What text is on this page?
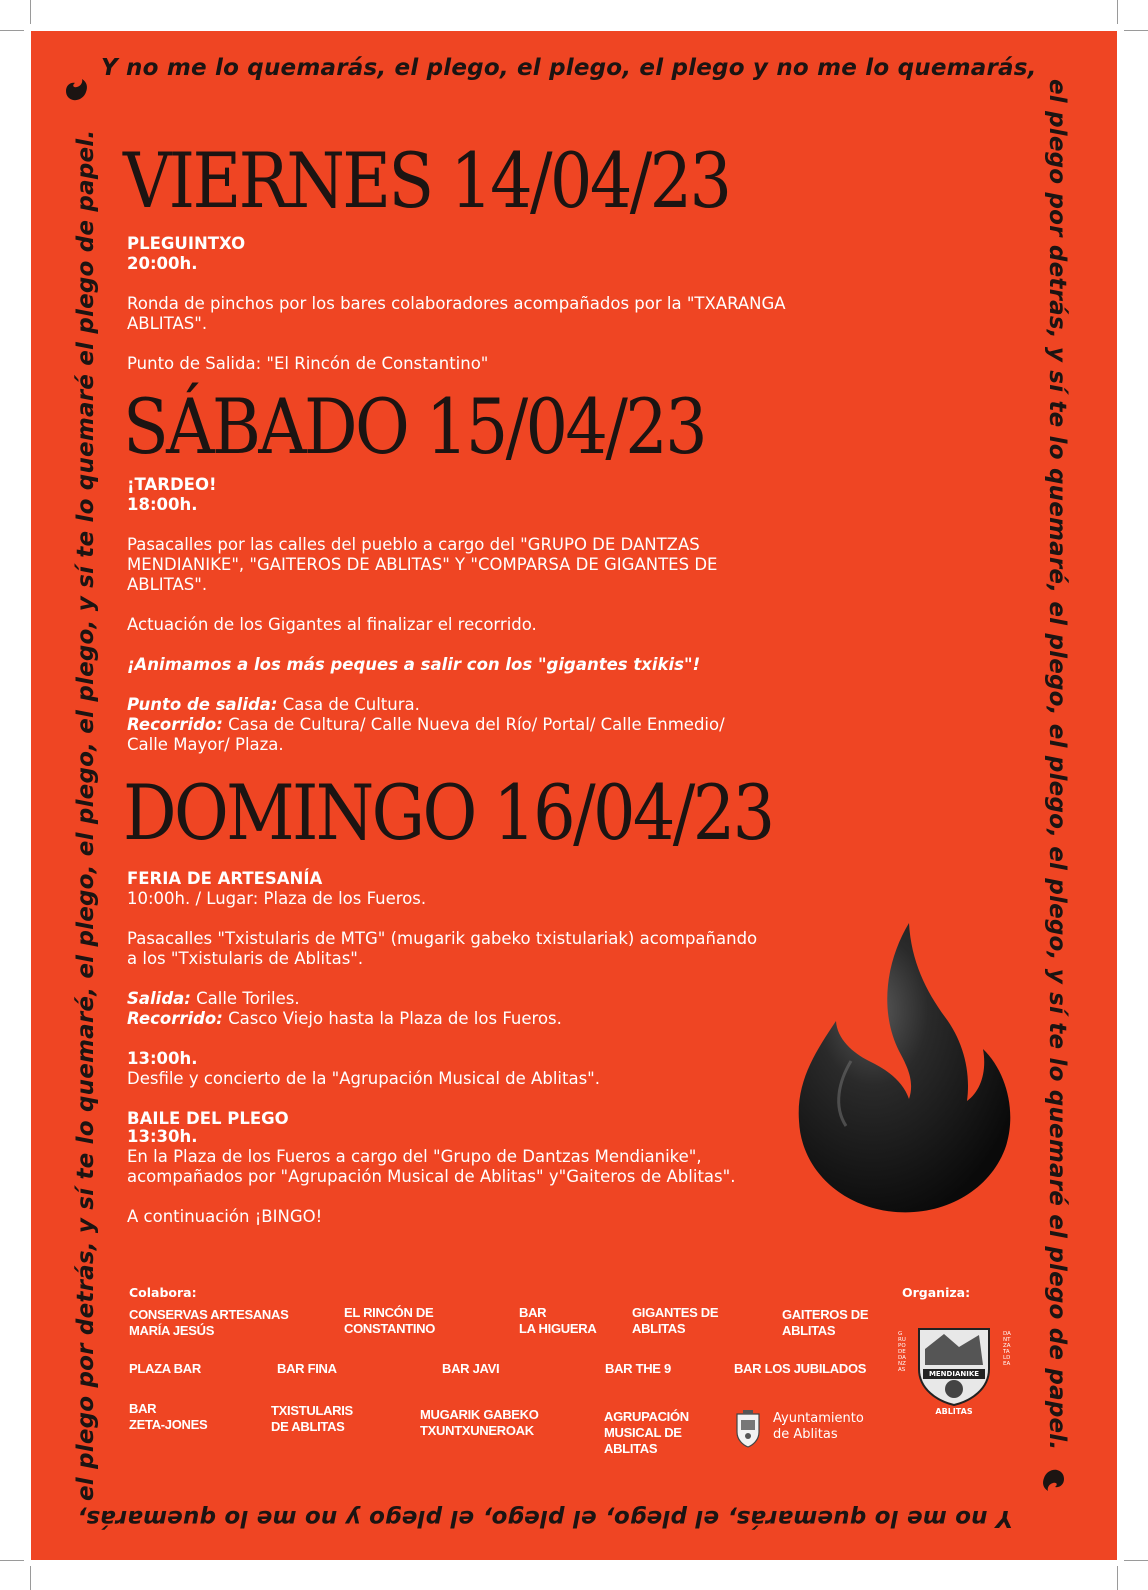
Y no me lo quemarás, el plego, el plego, el plego y no me lo quemarás,
el plego por detrás, y sí te lo quemaré, el plego, el plego, el plego, y sí te lo quemaré el plego de papel.
Y no me lo quemarás, el plego, el plego, el plego y no me lo quemarás,
el plego por detrás, y sí te lo quemaré, el plego, el plego, el plego, y sí te lo quemaré el plego de papel. VIERNES 14/04/23
PLEGUINTXO
20:00h.
Ronda de pinchos por los bares colaboradores acompañados por la "TXARANGA ABLITAS".
Punto de Salida: "El Rincón de Constantino"
SÁBADO 15/04/23
¡TARDEO!
18:00h.
Pasacalles por las calles del pueblo a cargo del "GRUPO DE DANTZAS MENDIANIKE", "GAITEROS DE ABLITAS" Y "COMPARSA DE GIGANTES DE ABLITAS".
Actuación de los Gigantes al finalizar el recorrido.
¡Animamos a los más peques a salir con los "gigantes txikis"!
Punto de salida: Casa de Cultura.
Recorrido: Casa de Cultura/ Calle Nueva del Río/ Portal/ Calle Enmedio/ Calle Mayor/ Plaza.
DOMINGO 16/04/23
FERIA DE ARTESANÍA
10:00h. / Lugar: Plaza de los Fueros.
Pasacalles "Txistularis de MTG" (mugarik gabeko txistulariak) acompañando a los "Txistularis de Ablitas".
Salida: Calle Toriles.
Recorrido: Casco Viejo hasta la Plaza de los Fueros.
13:00h.
Desfile y concierto de la "Agrupación Musical de Ablitas".
BAILE DEL PLEGO
13:30h.
En la Plaza de los Fueros a cargo del "Grupo de Dantzas Mendianike", acompañados por "Agrupación Musical de Ablitas" y"Gaiteros de Ablitas".
A continuación ¡BINGO!
Colabora:
CONSERVAS ARTESANAS
MARÍA JESÚS
EL RINCÓN DE
CONSTANTINO
BAR
LA HIGUERA
GIGANTES DE
ABLITAS
GAITEROS DE
ABLITAS
PLAZA BAR	BAR FINA	BAR JAVI	BAR THE 9	BAR LOS JUBILADOS
BAR
ZETA-JONES
TXISTULARIS
DE ABLITAS
MUGARIK GABEKO
TXUNTXUNEROAK
AGRUPACIÓN
MUSICAL DE
ABLITAS
Organiza:
Ayuntamiento
de Ablitas
MENDIANIKE
ABLITAS
GRUPO DE DANZAS
DANTZA TALDEA
